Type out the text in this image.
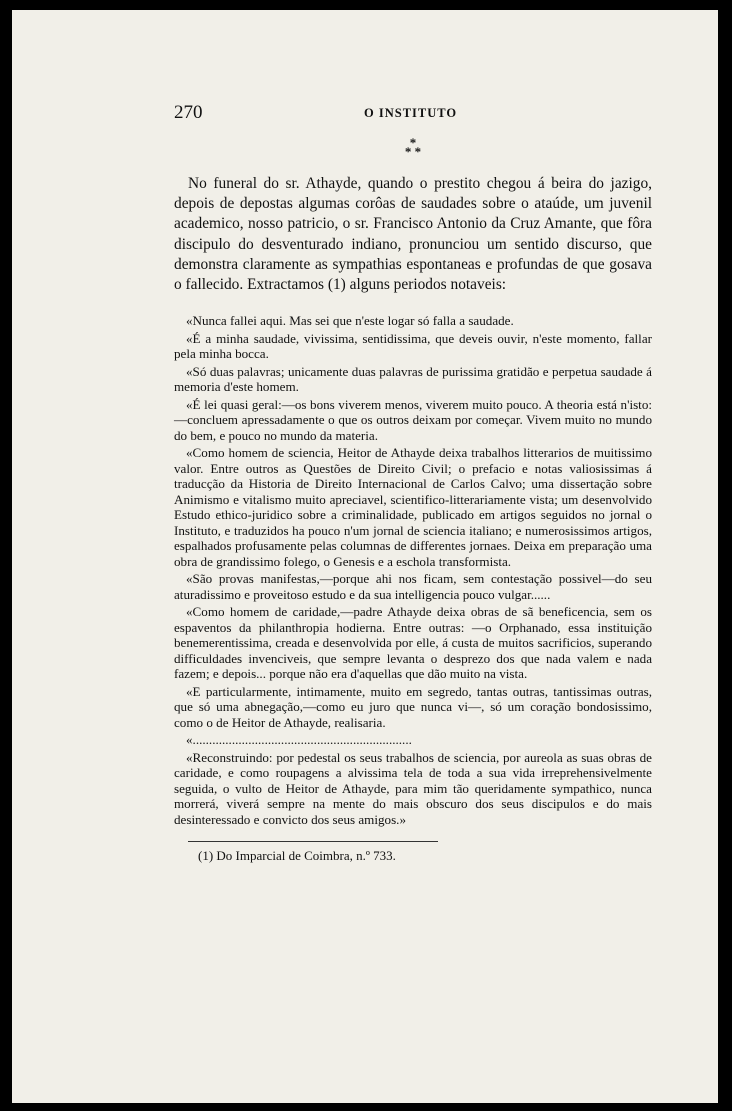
270	O INSTITUTO
*
* *

No funeral do sr. Athayde, quando o prestito chegou á beira do jazigo, depois de depostas algumas corôas de saudades sobre o ataúde, um juvenil academico, nosso patricio, o sr. Francisco Antonio da Cruz Amante, que fôra discipulo do desventurado indiano, pronunciou um sentido discurso, que demonstra claramente as sympathias espontaneas e profundas de que gosava o fallecido. Extractamos (1) alguns periodos notaveis:

«Nunca fallei aqui. Mas sei que n'este logar só falla a saudade.

«É a minha saudade, vivissima, sentidissima, que deveis ouvir, n'este momento, fallar pela minha bocca.

«Só duas palavras; unicamente duas palavras de purissima gratidão e perpetua saudade á memoria d'este homem.

«É lei quasi geral:—os bons viverem menos, viverem muito pouco. A theoria está n'isto:—concluem apressadamente o que os outros deixam por começar. Vivem muito no mundo do bem, e pouco no mundo da materia.

«Como homem de sciencia, Heitor de Athayde deixa trabalhos litterarios de muitissimo valor. Entre outros as Questões de Direito Civil; o prefacio e notas valiosissimas á traducção da Historia de Direito Internacional de Carlos Calvo; uma dissertação sobre Animismo e vitalismo muito apreciavel, scientifico-litterariamente vista; um desenvolvido Estudo ethico-juridico sobre a criminalidade, publicado em artigos seguidos no jornal o Instituto, e traduzidos ha pouco n'um jornal de sciencia italiano; e numerosissimos artigos, espalhados profusamente pelas columnas de differentes jornaes. Deixa em preparação uma obra de grandissimo folego, o Genesis e a eschola transformista.

«São provas manifestas,—porque ahi nos ficam, sem contestação possivel—do seu aturadissimo e proveitoso estudo e da sua intelligencia pouco vulgar......

«Como homem de caridade,—padre Athayde deixa obras de sã beneficencia, sem os espaventos da philanthropia hodierna. Entre outras: —o Orphanado, essa instituição benemerentissima, creada e desenvolvida por elle, á custa de muitos sacrificios, superando difficuldades invenciveis, que sempre levanta o desprezo dos que nada valem e nada fazem; e depois... porque não era d'aquellas que dão muito na vista.

«E particularmente, intimamente, muito em segredo, tantas outras, tantissimas outras, que só uma abnegação,—como eu juro que nunca vi—, só um coração bondosissimo, como o de Heitor de Athayde, realisaria.

«...................................................................

«Reconstruindo: por pedestal os seus trabalhos de sciencia, por aureola as suas obras de caridade, e como roupagens a alvissima tela de toda a sua vida irreprehensivelmente seguida, o vulto de Heitor de Athayde, para mim tão queridamente sympathico, nunca morrerá, viverá sempre na mente do mais obscuro dos seus discipulos e do mais desinteressado e convicto dos seus amigos.»

(1) Do Imparcial de Coimbra, n.º 733.
